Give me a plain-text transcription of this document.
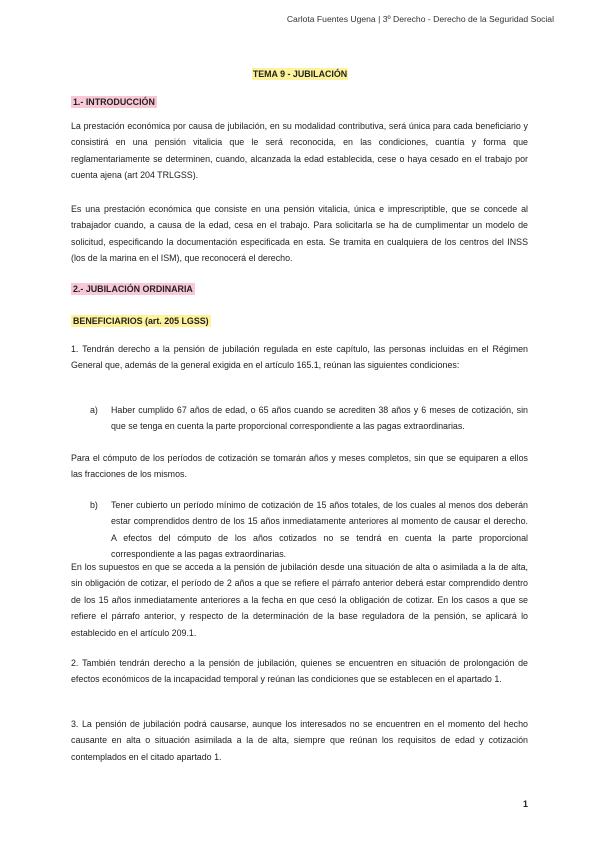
Carlota Fuentes Ugena | 3º Derecho - Derecho de la Seguridad Social
TEMA 9 - JUBILACIÓN
1.- INTRODUCCIÓN

La prestación económica por causa de jubilación, en su modalidad contributiva, será única para cada beneficiario y consistirá en una pensión vitalicia que le será reconocida, en las condiciones, cuantía y forma que reglamentariamente se determinen, cuando, alcanzada la edad establecida, cese o haya cesado en el trabajo por cuenta ajena (art 204 TRLGSS).

Es una prestación económica que consiste en una pensión vitalicia, única e imprescriptible, que se concede al trabajador cuando, a causa de la edad, cesa en el trabajo. Para solicitarla se ha de cumplimentar un modelo de solicitud, especificando la documentación especificada en esta. Se tramita en cualquiera de los centros del INSS (los de la marina en el ISM), que reconocerá el derecho.

2.- JUBILACIÓN ORDINARIA
BENEFICIARIOS (art. 205 LGSS)

1. Tendrán derecho a la pensión de jubilación regulada en este capítulo, las personas incluidas en el Régimen General que, además de la general exigida en el artículo 165.1, reúnan las siguientes condiciones:

a) Haber cumplido 67 años de edad, o 65 años cuando se acrediten 38 años y 6 meses de cotización, sin que se tenga en cuenta la parte proporcional correspondiente a las pagas extraordinarias.

Para el cómputo de los períodos de cotización se tomarán años y meses completos, sin que se equiparen a ellos las fracciones de los mismos.

b) Tener cubierto un período mínimo de cotización de 15 años totales, de los cuales al menos dos deberán estar comprendidos dentro de los 15 años inmediatamente anteriores al momento de causar el derecho. A efectos del cómputo de los años cotizados no se tendrá en cuenta la parte proporcional correspondiente a las pagas extraordinarias.

En los supuestos en que se acceda a la pensión de jubilación desde una situación de alta o asimilada a la de alta, sin obligación de cotizar, el período de 2 años a que se refiere el párrafo anterior deberá estar comprendido dentro de los 15 años inmediatamente anteriores a la fecha en que cesó la obligación de cotizar. En los casos a que se refiere el párrafo anterior, y respecto de la determinación de la base reguladora de la pensión, se aplicará lo establecido en el artículo 209.1.

2. También tendrán derecho a la pensión de jubilación, quienes se encuentren en situación de prolongación de efectos económicos de la incapacidad temporal y reúnan las condiciones que se establecen en el apartado 1.

3. La pensión de jubilación podrá causarse, aunque los interesados no se encuentren en el momento del hecho causante en alta o situación asimilada a la de alta, siempre que reúnan los requisitos de edad y cotización contemplados en el citado apartado 1.

1
